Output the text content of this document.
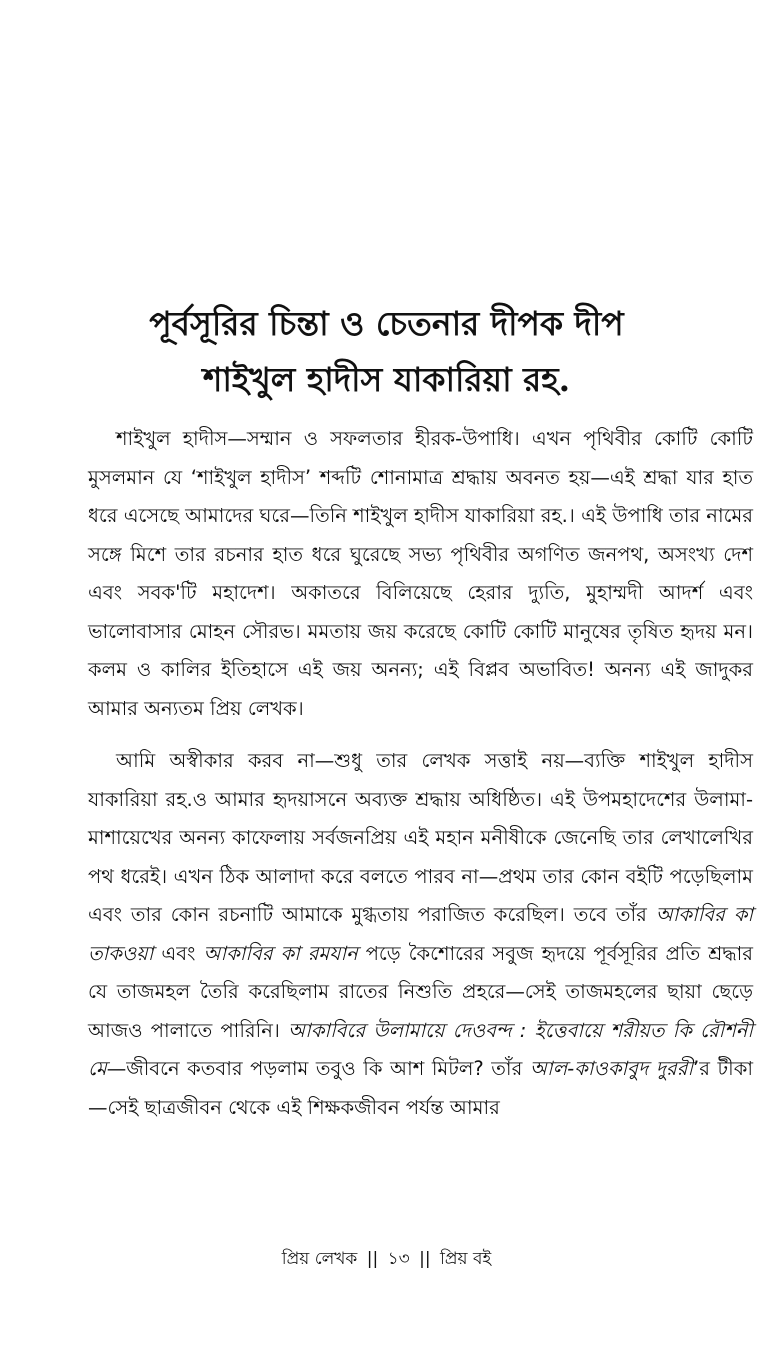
পূর্বসূরির চিন্তা ও চেতনার দীপক দীপ
শাইখুল হাদীস যাকারিয়া রহ.

শাইখুল হাদীস—সম্মান ও সফলতার হীরক-উপাধি। এখন পৃথিবীর কোটি কোটি মুসলমান যে ‘শাইখুল হাদীস’ শব্দটি শোনামাত্র শ্রদ্ধায় অবনত হয়—এই শ্রদ্ধা যার হাত ধরে এসেছে আমাদের ঘরে—তিনি শাইখুল হাদীস যাকারিয়া রহ.। এই উপাধি তার নামের সঙ্গে মিশে তার রচনার হাত ধরে ঘুরেছে সভ্য পৃথিবীর অগণিত জনপথ, অসংখ্য দেশ এবং সবক'টি মহাদেশ। অকাতরে বিলিয়েছে হেরার দ্যুতি, মুহাম্মদী আদর্শ এবং ভালোবাসার মোহন সৌরভ। মমতায় জয় করেছে কোটি কোটি মানুষের তৃষিত হৃদয় মন। কলম ও কালির ইতিহাসে এই জয় অনন্য; এই বিপ্লব অভাবিত! অনন্য এই জাদুকর আমার অন্যতম প্রিয় লেখক।

আমি অস্বীকার করব না—শুধু তার লেখক সত্তাই নয়—ব্যক্তি শাইখুল হাদীস যাকারিয়া রহ.ও আমার হৃদয়াসনে অব্যক্ত শ্রদ্ধায় অধিষ্ঠিত। এই উপমহাদেশের উলামা-মাশায়েখের অনন্য কাফেলায় সর্বজনপ্রিয় এই মহান মনীষীকে জেনেছি তার লেখালেখির পথ ধরেই। এখন ঠিক আলাদা করে বলতে পারব না—প্রথম তার কোন বইটি পড়েছিলাম এবং তার কোন রচনাটি আমাকে মুগ্ধতায় পরাজিত করেছিল। তবে তাঁর আকাবির কা তাকওয়া এবং আকাবির কা রমযান পড়ে কৈশোরের সবুজ হৃদয়ে পূর্বসূরির প্রতি শ্রদ্ধার যে তাজমহল তৈরি করেছিলাম রাতের নিশুতি প্রহরে—সেই তাজমহলের ছায়া ছেড়ে আজও পালাতে পারিনি। আকাবিরে উলামায়ে দেওবন্দ : ইত্তেবায়ে শরীয়ত কি রৌশনী মে—জীবনে কতবার পড়লাম তবুও কি আশ মিটল? তাঁর আল-কাওকাবুদ দুররী’র টীকা—সেই ছাত্রজীবন থেকে এই শিক্ষকজীবন পর্যন্ত আমার

প্রিয় লেখক || ১৩ || প্রিয় বই
